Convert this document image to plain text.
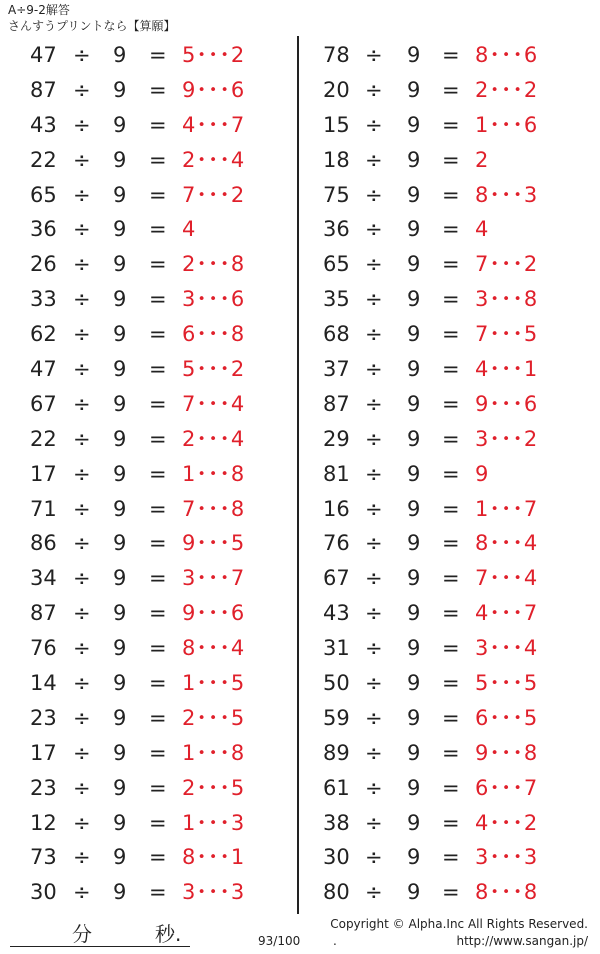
A÷9-2解答
さんすうプリントなら【算願】
47 ÷ 9 = 5･･･2
87 ÷ 9 = 9･･･6
43 ÷ 9 = 4･･･7
22 ÷ 9 = 2･･･4
65 ÷ 9 = 7･･･2
36 ÷ 9 = 4
26 ÷ 9 = 2･･･8
33 ÷ 9 = 3･･･6
62 ÷ 9 = 6･･･8
47 ÷ 9 = 5･･･2
67 ÷ 9 = 7･･･4
22 ÷ 9 = 2･･･4
17 ÷ 9 = 1･･･8
71 ÷ 9 = 7･･･8
86 ÷ 9 = 9･･･5
34 ÷ 9 = 3･･･7
87 ÷ 9 = 9･･･6
76 ÷ 9 = 8･･･4
14 ÷ 9 = 1･･･5
23 ÷ 9 = 2･･･5
17 ÷ 9 = 1･･･8
23 ÷ 9 = 2･･･5
12 ÷ 9 = 1･･･3
73 ÷ 9 = 8･･･1
30 ÷ 9 = 3･･･3
78 ÷ 9 = 8･･･6
20 ÷ 9 = 2･･･2
15 ÷ 9 = 1･･･6
18 ÷ 9 = 2
75 ÷ 9 = 8･･･3
36 ÷ 9 = 4
65 ÷ 9 = 7･･･2
35 ÷ 9 = 3･･･8
68 ÷ 9 = 7･･･5
37 ÷ 9 = 4･･･1
87 ÷ 9 = 9･･･6
29 ÷ 9 = 3･･･2
81 ÷ 9 = 9
16 ÷ 9 = 1･･･7
76 ÷ 9 = 8･･･4
67 ÷ 9 = 7･･･4
43 ÷ 9 = 4･･･7
31 ÷ 9 = 3･･･4
50 ÷ 9 = 5･･･5
59 ÷ 9 = 6･･･5
89 ÷ 9 = 9･･･8
61 ÷ 9 = 6･･･7
38 ÷ 9 = 4･･･2
30 ÷ 9 = 3･･･3
80 ÷ 9 = 8･･･8
分	秒.	93/100	.
Copyright © Alpha.Inc All Rights Reserved.
http://www.sangan.jp/
